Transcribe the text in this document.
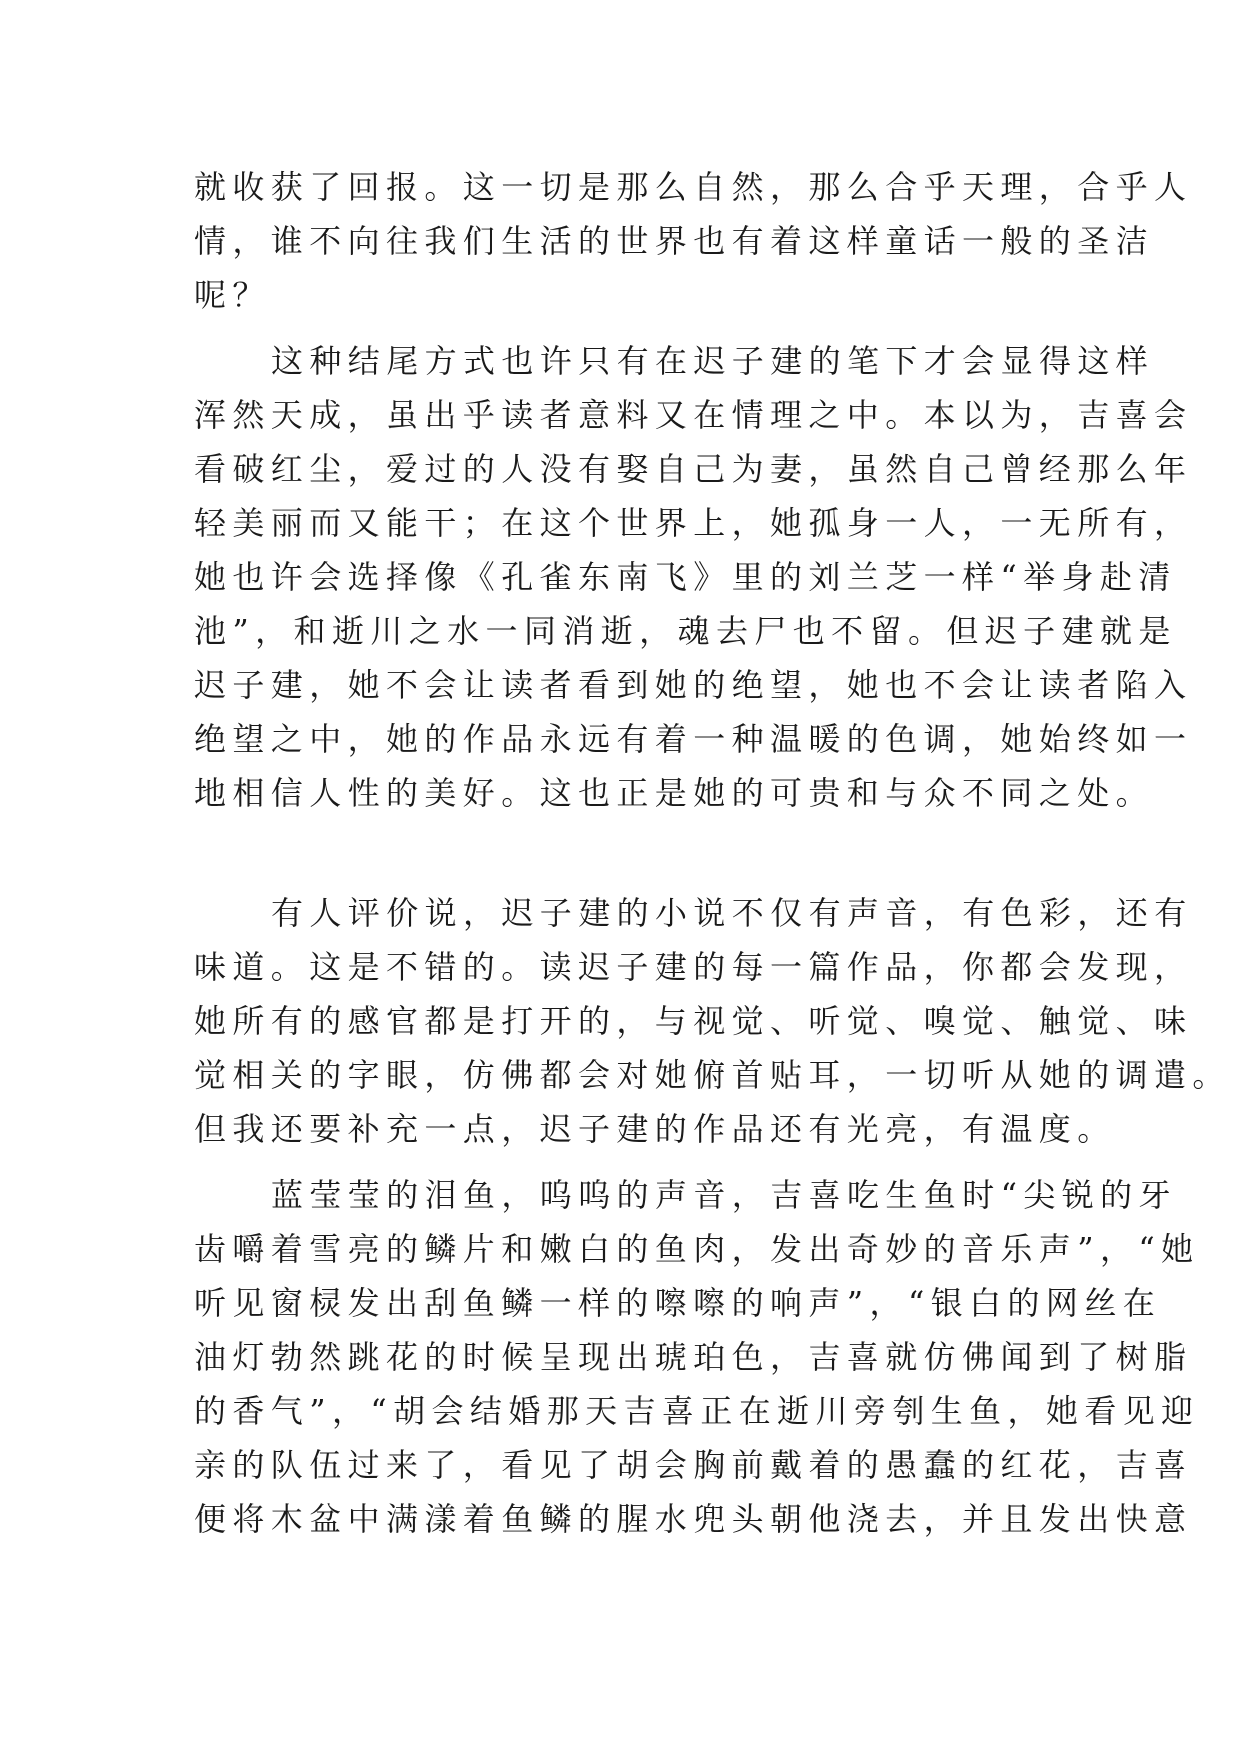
就收获了回报。这一切是那么自然，那么合乎天理，合乎人
情，谁不向往我们生活的世界也有着这样童话一般的圣洁
呢？
这种结尾方式也许只有在迟子建的笔下才会显得这样
浑然天成，虽出乎读者意料又在情理之中。本以为，吉喜会
看破红尘，爱过的人没有娶自己为妻，虽然自己曾经那么年
轻美丽而又能干；在这个世界上，她孤身一人，一无所有，
她也许会选择像《孔雀东南飞》里的刘兰芝一样“举身赴清
池”，和逝川之水一同消逝，魂去尸也不留。但迟子建就是
迟子建，她不会让读者看到她的绝望，她也不会让读者陷入
绝望之中，她的作品永远有着一种温暖的色调，她始终如一
地相信人性的美好。这也正是她的可贵和与众不同之处。
有人评价说，迟子建的小说不仅有声音，有色彩，还有
味道。这是不错的。读迟子建的每一篇作品，你都会发现，
她所有的感官都是打开的，与视觉、听觉、嗅觉、触觉、味
觉相关的字眼，仿佛都会对她俯首贴耳，一切听从她的调遣。
但我还要补充一点，迟子建的作品还有光亮，有温度。
蓝莹莹的泪鱼，呜呜的声音，吉喜吃生鱼时“尖锐的牙
齿嚼着雪亮的鳞片和嫩白的鱼肉，发出奇妙的音乐声”，“她
听见窗棂发出刮鱼鳞一样的嚓嚓的响声”，“银白的网丝在
油灯勃然跳花的时候呈现出琥珀色，吉喜就仿佛闻到了树脂
的香气”，“胡会结婚那天吉喜正在逝川旁刳生鱼，她看见迎
亲的队伍过来了，看见了胡会胸前戴着的愚蠢的红花，吉喜
便将木盆中满漾着鱼鳞的腥水兜头朝他浇去，并且发出快意
